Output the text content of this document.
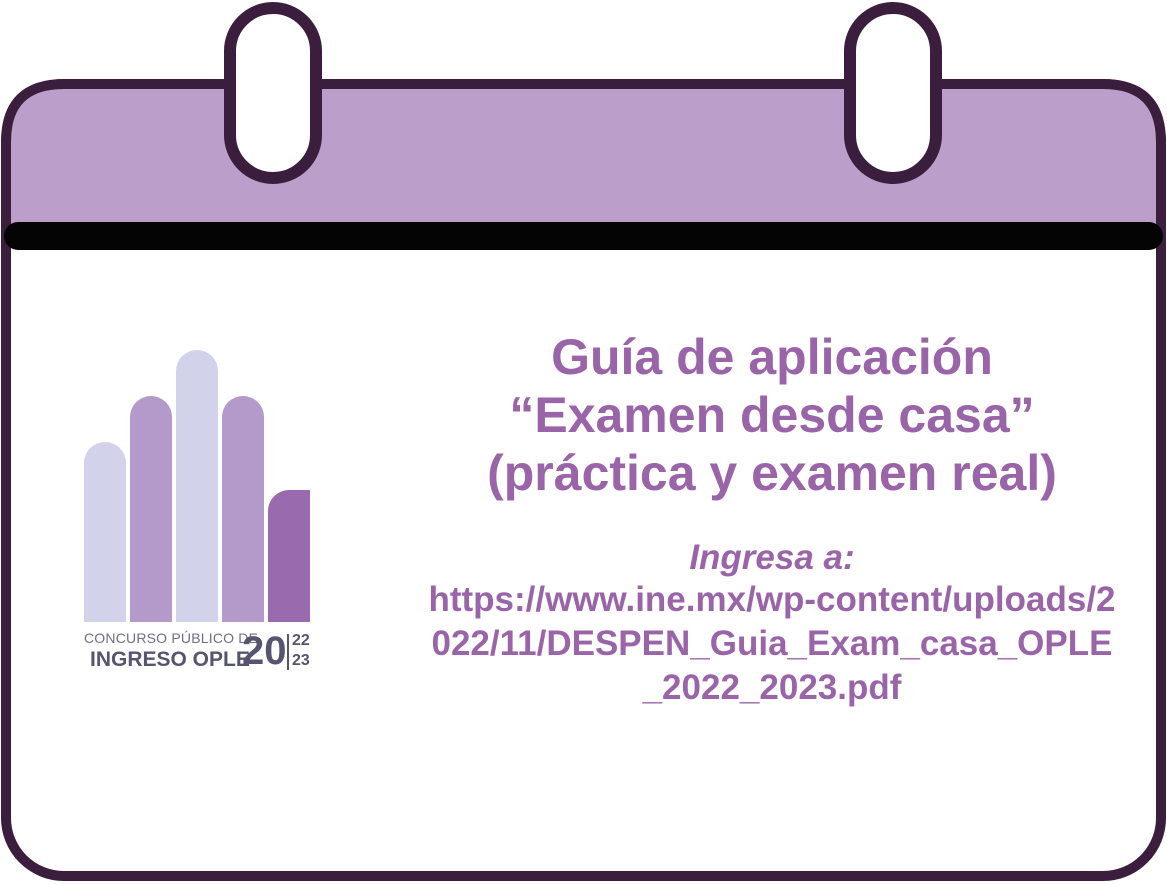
CONCURSO PÚBLICO DE
INGRESO OPLE
20 22
23
Guía de aplicación
“Examen desde casa”
(práctica y examen real)
Ingresa a:
https://www.ine.mx/wp-content/uploads/2022/11/DESPEN_Guia_Exam_casa_OPLE_2022_2023.pdf
